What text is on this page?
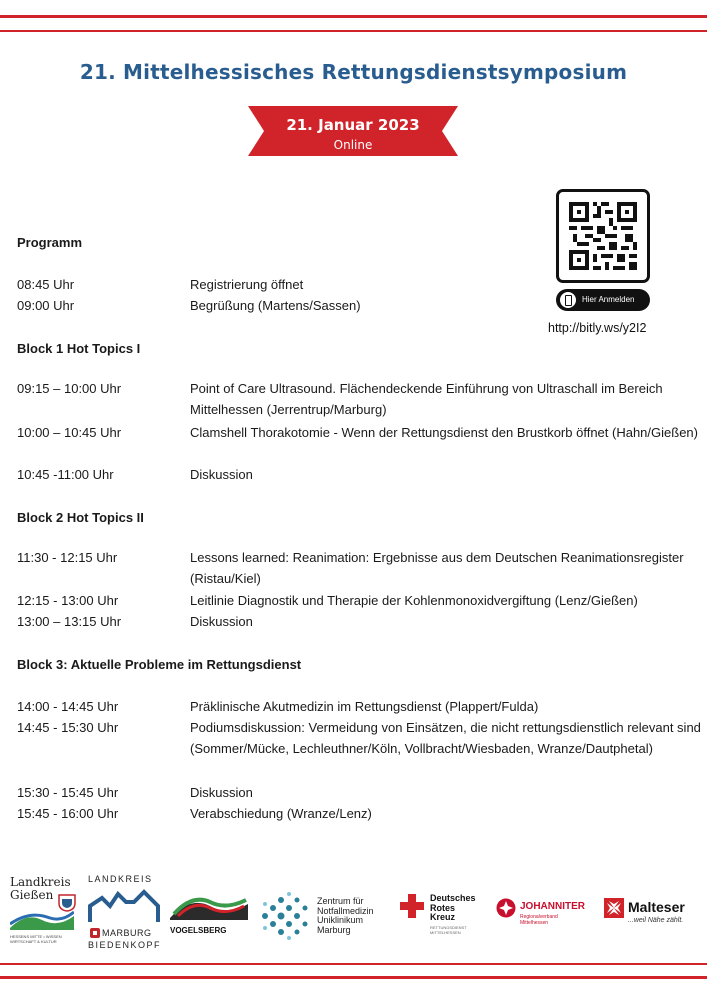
21. Mittelhessisches Rettungsdienstsymposium
21. Januar 2023
Online
Hier Anmelden
http://bitly.ws/y2I2
Programm
08:45 Uhr	Registrierung öffnet
09:00 Uhr	Begrüßung (Martens/Sassen)
Block 1 Hot Topics I
09:15 – 10:00 Uhr	Point of Care Ultrasound. Flächendeckende Einführung von Ultraschall im Bereich Mittelhessen (Jerrentrup/Marburg)
10:00 – 10:45 Uhr	Clamshell Thorakotomie - Wenn der Rettungsdienst den Brustkorb öffnet (Hahn/Gießen)
10:45 -11:00 Uhr	Diskussion
Block 2 Hot Topics II
11:30 - 12:15 Uhr	Lessons learned: Reanimation: Ergebnisse aus dem Deutschen Reanimationsregister (Ristau/Kiel)
12:15 - 13:00 Uhr	Leitlinie Diagnostik und Therapie der Kohlenmonoxidvergiftung (Lenz/Gießen)
13:00 – 13:15 Uhr	Diskussion
Block 3: Aktuelle Probleme im Rettungsdienst
14:00 - 14:45 Uhr	Präklinische Akutmedizin im Rettungsdienst (Plappert/Fulda)
14:45 - 15:30 Uhr	Podiumsdiskussion: Vermeidung von Einsätzen, die nicht rettungsdienstlich relevant sind (Sommer/Mücke, Lechleuthner/Köln, Vollbracht/Wiesbaden, Wranze/Dautphetal)
15:30 - 15:45 Uhr	Diskussion
15:45 - 16:00 Uhr	Verabschiedung (Wranze/Lenz)
Landkreis
Gießen
HESSENS MITTE • WISSEN
WIRTSCHAFT & KULTUR
LANDKREIS
MARBURG
BIEDENKOPF
VOGELSBERG
Zentrum für
Notfallmedizin
Uniklinikum
Marburg
Deutsches
Rotes
Kreuz
RETTUNGSDIENST
MITTELHESSEN
JOHANNITER
Regionalverband
Mittelhessen
Malteser
...weil Nähe zählt.
